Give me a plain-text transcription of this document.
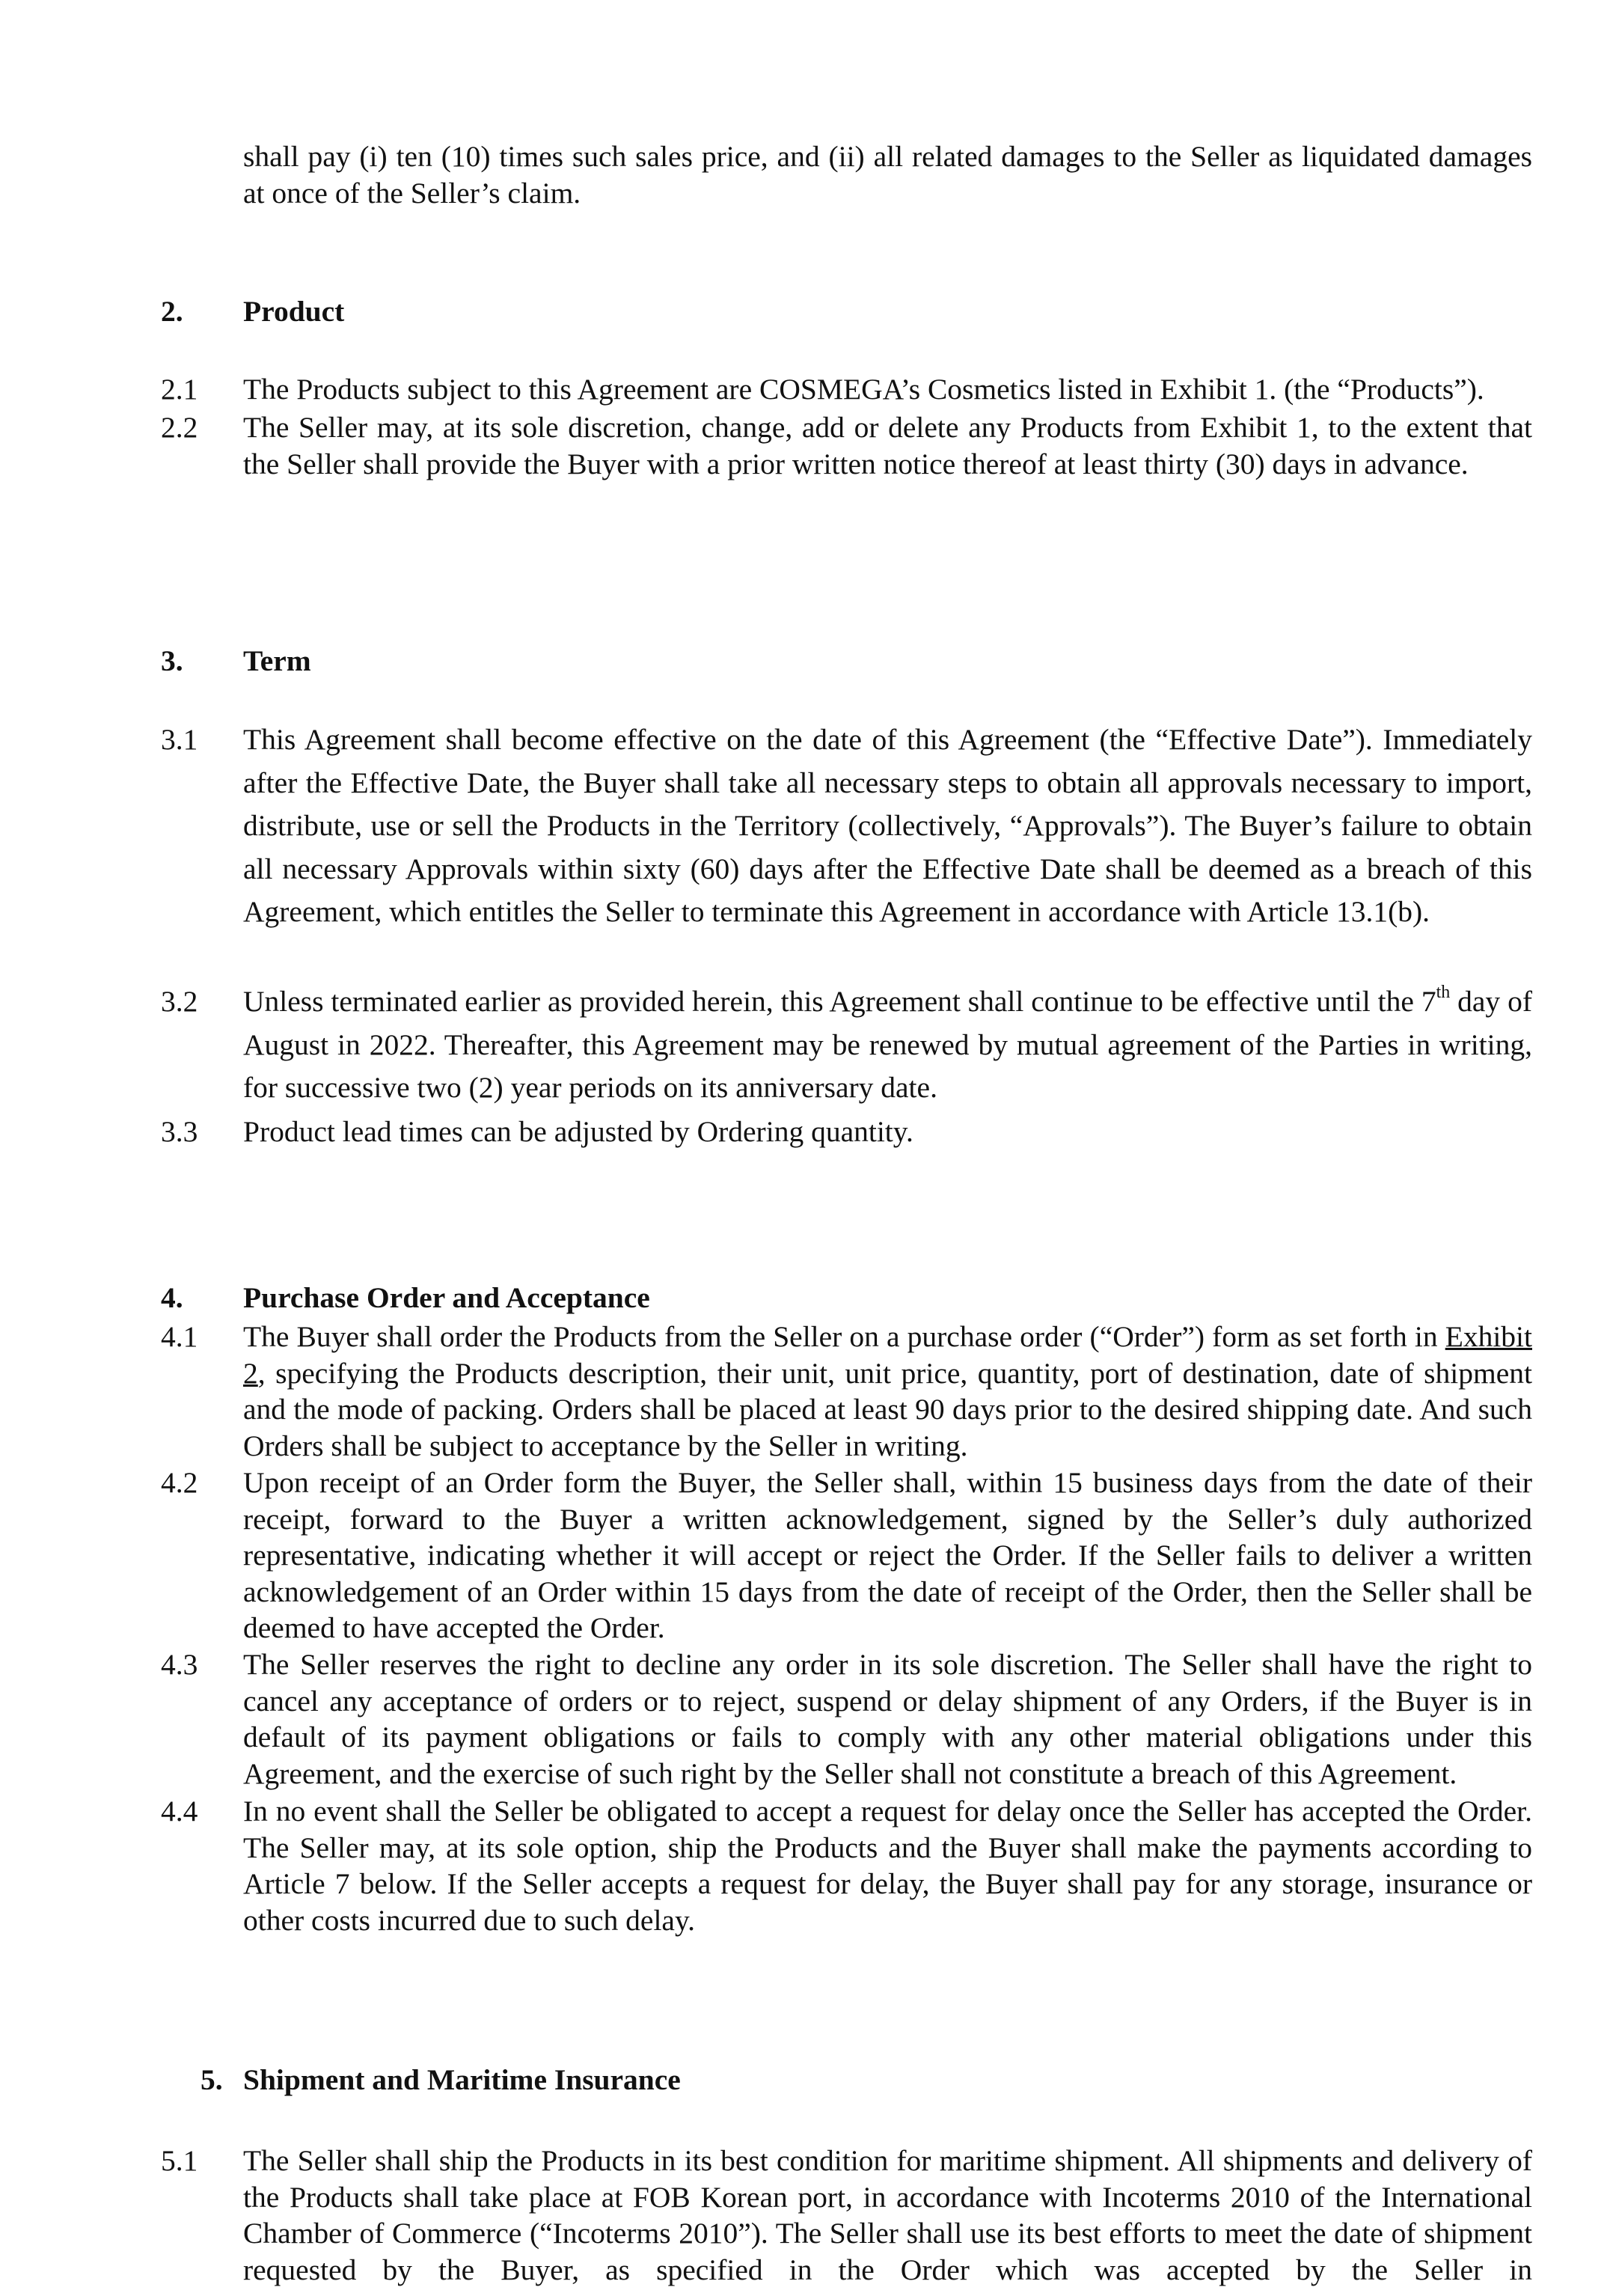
shall pay (i) ten (10) times such sales price, and (ii) all related damages to the Seller as liquidated damages at once of the Seller’s claim.
2. Product
2.1 The Products subject to this Agreement are COSMEGA’s Cosmetics listed in Exhibit 1. (the “Products”).
2.2 The Seller may, at its sole discretion, change, add or delete any Products from Exhibit 1, to the extent that the Seller shall provide the Buyer with a prior written notice thereof at least thirty (30) days in advance.
3. Term
3.1 This Agreement shall become effective on the date of this Agreement (the “Effective Date”). Immediately after the Effective Date, the Buyer shall take all necessary steps to obtain all approvals necessary to import, distribute, use or sell the Products in the Territory (collectively, “Approvals”). The Buyer’s failure to obtain all necessary Approvals within sixty (60) days after the Effective Date shall be deemed as a breach of this Agreement, which entitles the Seller to terminate this Agreement in accordance with Article 13.1(b).
3.2 Unless terminated earlier as provided herein, this Agreement shall continue to be effective until the 7th day of August in 2022. Thereafter, this Agreement may be renewed by mutual agreement of the Parties in writing, for successive two (2) year periods on its anniversary date.
3.3 Product lead times can be adjusted by Ordering quantity.
4. Purchase Order and Acceptance
4.1 The Buyer shall order the Products from the Seller on a purchase order (“Order”) form as set forth in Exhibit 2, specifying the Products description, their unit, unit price, quantity, port of destination, date of shipment and the mode of packing. Orders shall be placed at least 90 days prior to the desired shipping date. And such Orders shall be subject to acceptance by the Seller in writing.
4.2 Upon receipt of an Order form the Buyer, the Seller shall, within 15 business days from the date of their receipt, forward to the Buyer a written acknowledgement, signed by the Seller’s duly authorized representative, indicating whether it will accept or reject the Order. If the Seller fails to deliver a written acknowledgement of an Order within 15 days from the date of receipt of the Order, then the Seller shall be deemed to have accepted the Order.
4.3 The Seller reserves the right to decline any order in its sole discretion. The Seller shall have the right to cancel any acceptance of orders or to reject, suspend or delay shipment of any Orders, if the Buyer is in default of its payment obligations or fails to comply with any other material obligations under this Agreement, and the exercise of such right by the Seller shall not constitute a breach of this Agreement.
4.4 In no event shall the Seller be obligated to accept a request for delay once the Seller has accepted the Order. The Seller may, at its sole option, ship the Products and the Buyer shall make the payments according to Article 7 below. If the Seller accepts a request for delay, the Buyer shall pay for any storage, insurance or other costs incurred due to such delay.
5. Shipment and Maritime Insurance
5.1 The Seller shall ship the Products in its best condition for maritime shipment. All shipments and delivery of the Products shall take place at FOB Korean port, in accordance with Incoterms 2010 of the International Chamber of Commerce (“Incoterms 2010”). The Seller shall use its best efforts to meet the date of shipment requested by the Buyer, as specified in the Order which was accepted by the Seller in
